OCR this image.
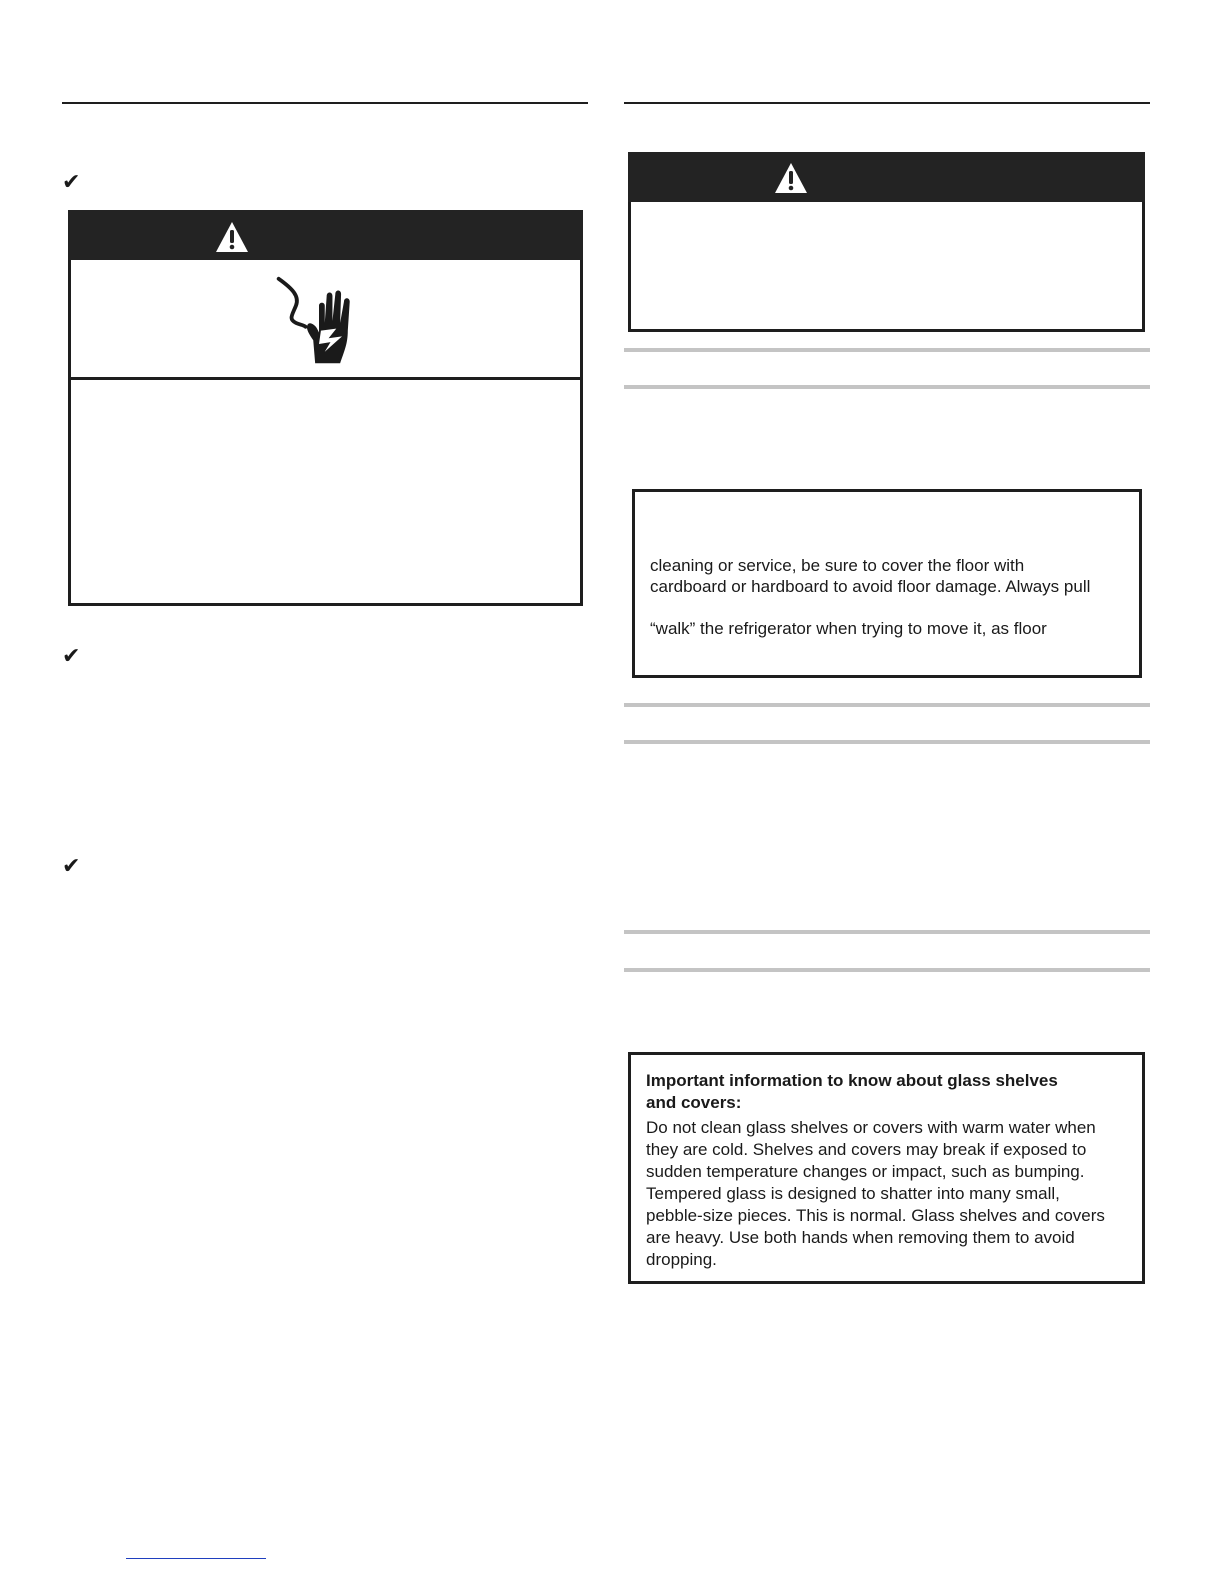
✔
✔
✔
cleaning or service, be sure to cover the floor with
cardboard or hardboard to avoid floor damage. Always pull
“walk” the refrigerator when trying to move it, as floor
Important information to know about glass shelves
and covers:
Do not clean glass shelves or covers with warm water when
they are cold. Shelves and covers may break if exposed to
sudden temperature changes or impact, such as bumping.
Tempered glass is designed to shatter into many small,
pebble-size pieces. This is normal. Glass shelves and covers
are heavy. Use both hands when removing them to avoid
dropping.
